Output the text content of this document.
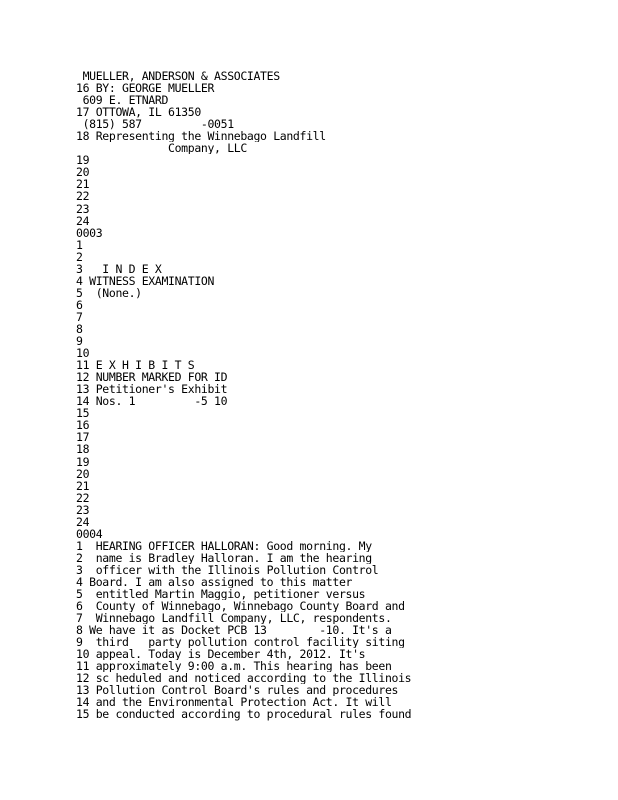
MUELLER, ANDERSON & ASSOCIATES
16 BY: GEORGE MUELLER
609 E. ETNARD
17 OTTOWA, IL 61350
(815) 587         -0051
18 Representing the Winnebago Landfill
Company, LLC
19
20
21
22
23
24
0003
1
2
3   I N D E X
4 WITNESS EXAMINATION
5  (None.)
6
7
8
9
10
11 E X H I B I T S
12 NUMBER MARKED FOR ID
13 Petitioner's Exhibit
14 Nos. 1         -5 10
15
16
17
18
19
20
21
22
23
24
0004
1  HEARING OFFICER HALLORAN: Good morning. My
2  name is Bradley Halloran. I am the hearing
3  officer with the Illinois Pollution Control
4 Board. I am also assigned to this matter
5  entitled Martin Maggio, petitioner versus
6  County of Winnebago, Winnebago County Board and
7  Winnebago Landfill Company, LLC, respondents.
8 We have it as Docket PCB 13        -10. It's a
9  third   party pollution control facility siting
10 appeal. Today is December 4th, 2012. It's
11 approximately 9:00 a.m. This hearing has been
12 sc heduled and noticed according to the Illinois
13 Pollution Control Board's rules and procedures
14 and the Environmental Protection Act. It will
15 be conducted according to procedural rules found
